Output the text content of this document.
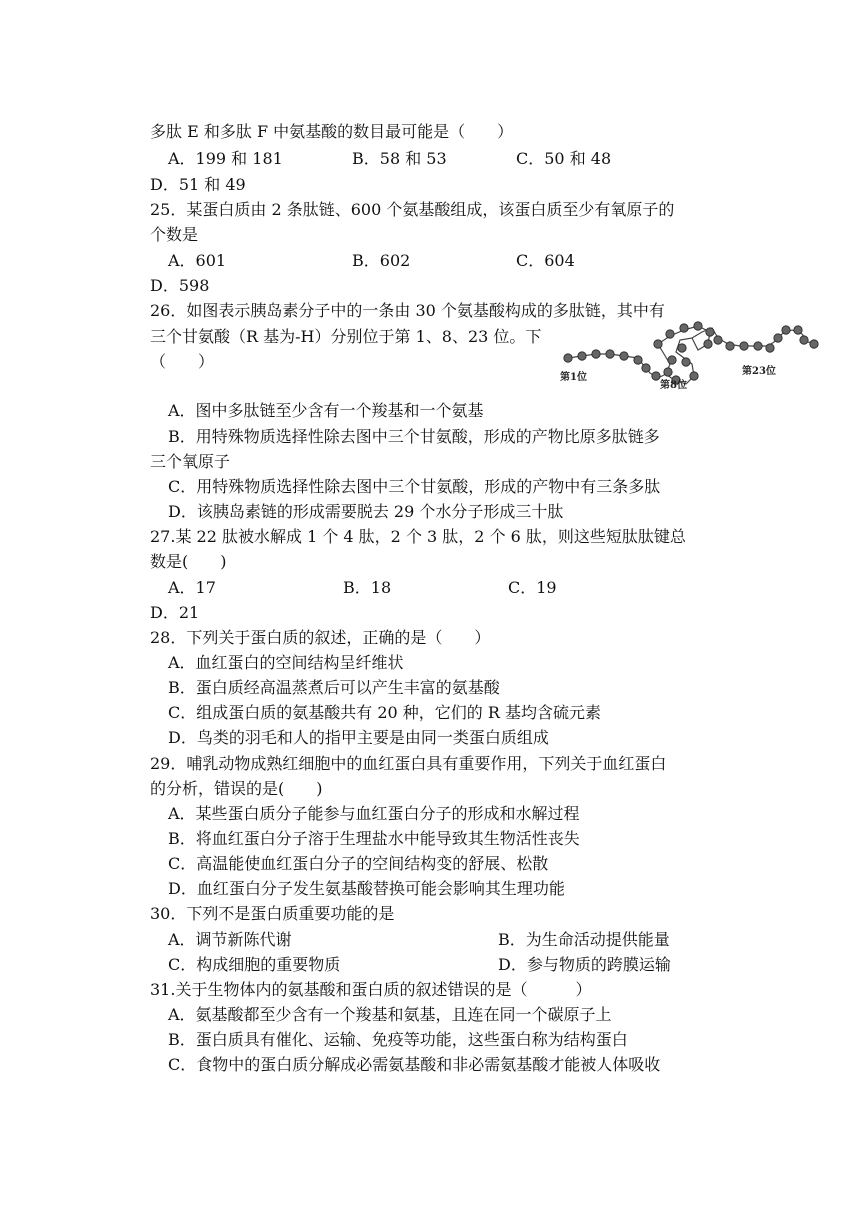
多肽 E 和多肽 F 中氨基酸的数目最可能是（　　）
A．199 和 181	B．58 和 53	C．50 和 48
D．51 和 49
25．某蛋白质由 2 条肽链、600 个氨基酸组成，该蛋白质至少有氧原子的
个数是
A．601	B．602	C．604
D．598
26．如图表示胰岛素分子中的一条由 30 个氨基酸构成的多肽链，其中有
三个甘氨酸（R 基为-H）分别位于第 1、8、23 位。下
（　　）
第1位
第8位
第23位
A．图中多肽链至少含有一个羧基和一个氨基
B．用特殊物质选择性除去图中三个甘氨酸，形成的产物比原多肽链多
三个氧原子
C．用特殊物质选择性除去图中三个甘氨酸，形成的产物中有三条多肽
D．该胰岛素链的形成需要脱去 29 个水分子形成三十肽
27.某 22 肽被水解成 1 个 4 肽，2 个 3 肽，2 个 6 肽，则这些短肽肽键总
数是(　　)
A．17	B．18	C．19
D．21
28．下列关于蛋白质的叙述，正确的是（　　）
A．血红蛋白的空间结构呈纤维状
B．蛋白质经高温蒸煮后可以产生丰富的氨基酸
C．组成蛋白质的氨基酸共有 20 种，它们的 R 基均含硫元素
D．鸟类的羽毛和人的指甲主要是由同一类蛋白质组成
29．哺乳动物成熟红细胞中的血红蛋白具有重要作用，下列关于血红蛋白
的分析，错误的是(　　)
A．某些蛋白质分子能参与血红蛋白分子的形成和水解过程
B．将血红蛋白分子溶于生理盐水中能导致其生物活性丧失
C．高温能使血红蛋白分子的空间结构变的舒展、松散
D．血红蛋白分子发生氨基酸替换可能会影响其生理功能
30．下列不是蛋白质重要功能的是
A．调节新陈代谢	B．为生命活动提供能量
C．构成细胞的重要物质	D．参与物质的跨膜运输
31.关于生物体内的氨基酸和蛋白质的叙述错误的是（　　　）
A．氨基酸都至少含有一个羧基和氨基，且连在同一个碳原子上
B．蛋白质具有催化、运输、免疫等功能，这些蛋白称为结构蛋白
C．食物中的蛋白质分解成必需氨基酸和非必需氨基酸才能被人体吸收
